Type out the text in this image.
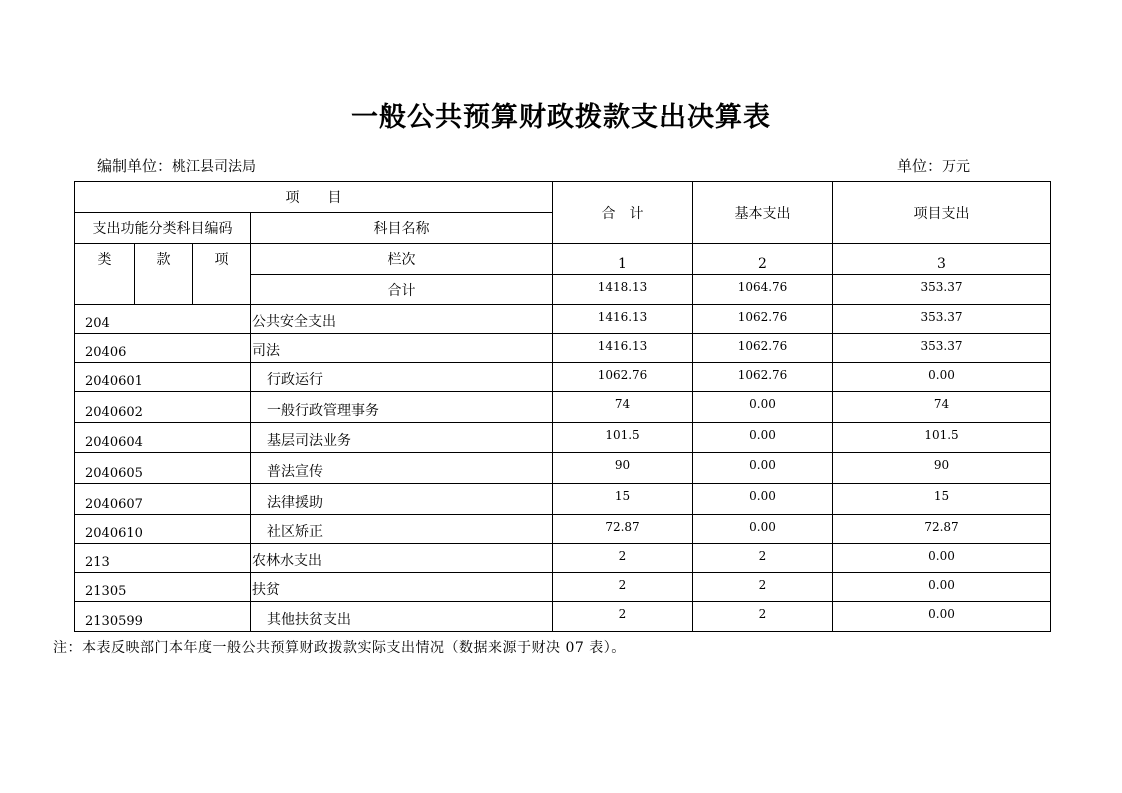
一般公共预算财政拨款支出决算表
编制单位：桃江县司法局	单位：万元
项　　目				合　计	基本支出	项目支出
支出功能分类科目编码			科目名称			
类	款	项	栏次	1	2	3
			合计	1418.13	1064.76	353.37
204			公共安全支出	1416.13	1062.76	353.37
20406			司法	1416.13	1062.76	353.37
2040601			行政运行	1062.76	1062.76	0.00
2040602			一般行政管理事务	74	0.00	74
2040604			基层司法业务	101.5	0.00	101.5
2040605			普法宣传	90	0.00	90
2040607			法律援助	15	0.00	15
2040610			社区矫正	72.87	0.00	72.87
213			农林水支出	2	2	0.00
21305			扶贫	2	2	0.00
2130599			其他扶贫支出	2	2	0.00
注：本表反映部门本年度一般公共预算财政拨款实际支出情况（数据来源于财决 07 表）。
